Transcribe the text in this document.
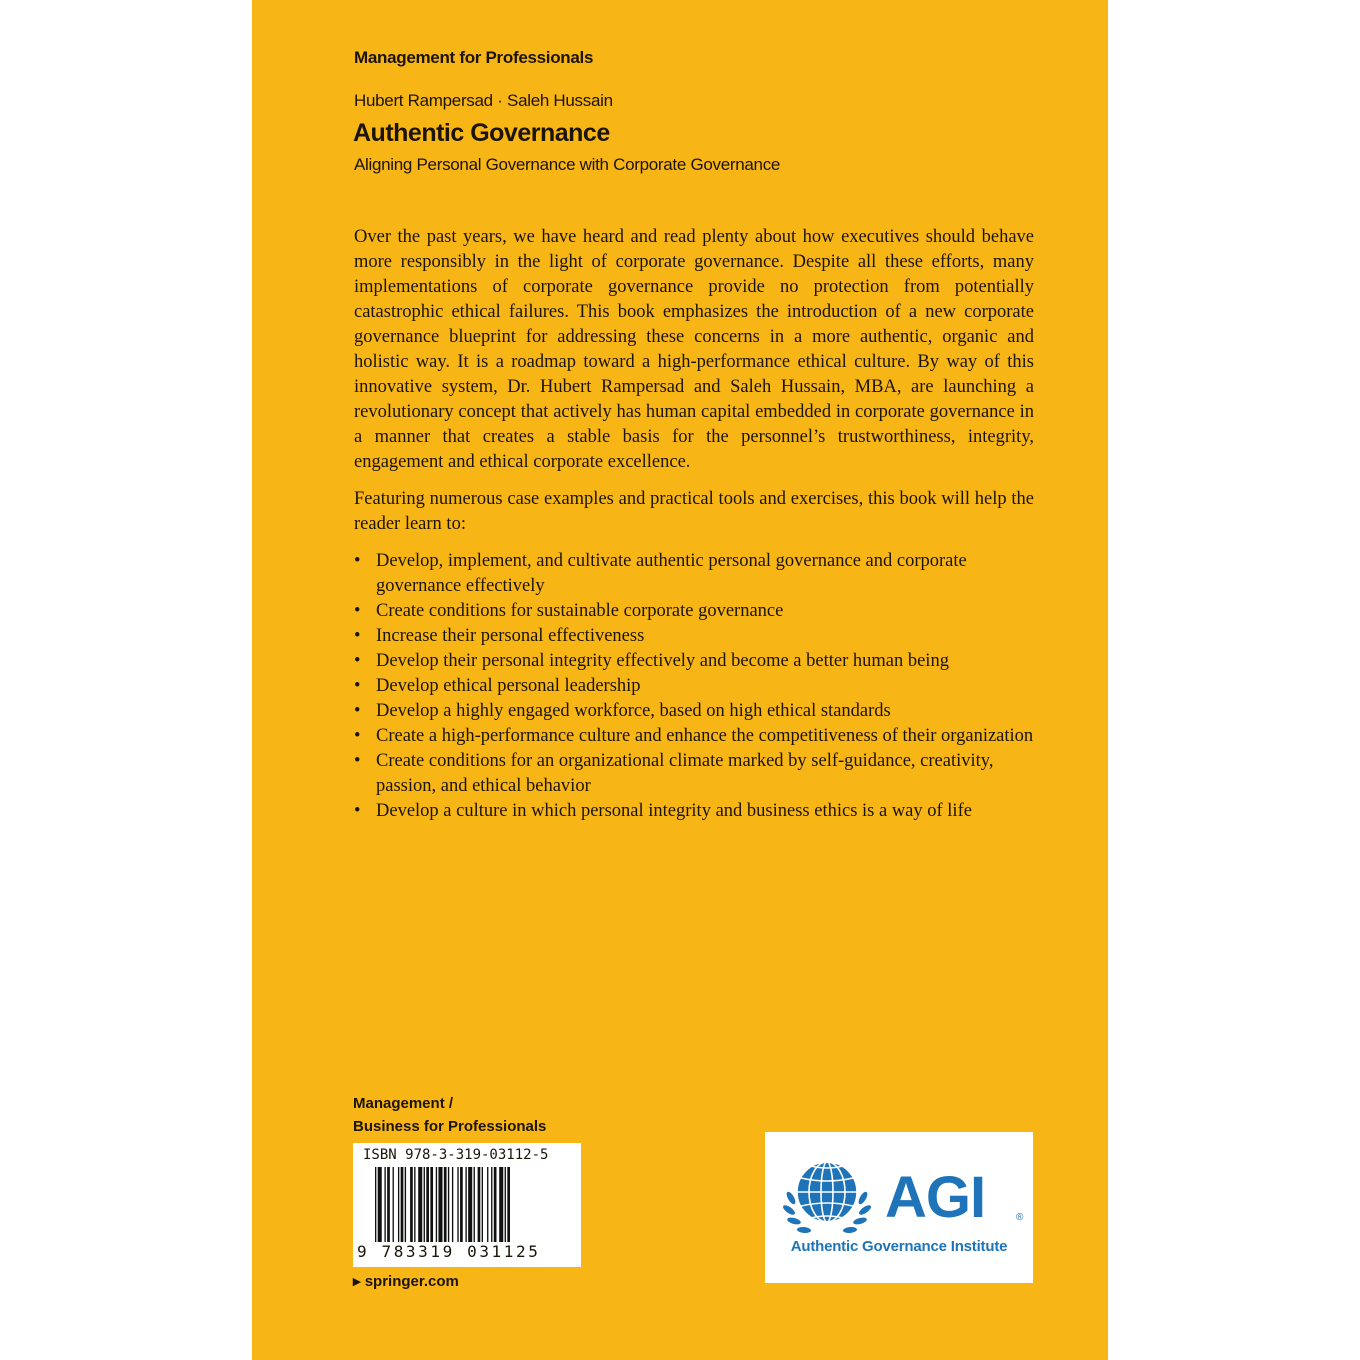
Management for Professionals
Hubert Rampersad · Saleh Hussain
Authentic Governance
Aligning Personal Governance with Corporate Governance

Over the past years, we have heard and read plenty about how executives should behave more responsibly in the light of corporate governance. Despite all these efforts, many implementations of corporate governance provide no protection from potentially catastrophic ethical failures. This book emphasizes the introduction of a new corporate governance blueprint for addressing these concerns in a more authentic, organic and holistic way. It is a roadmap toward a high-performance ethical culture. By way of this innovative system, Dr. Hubert Rampersad and Saleh Hussain, MBA, are launching a revolutionary concept that actively has human capital embedded in corporate governance in a manner that creates a stable basis for the personnel’s trustworthiness, integrity, engagement and ethical corporate excellence.

Featuring numerous case examples and practical tools and exercises, this book will help the reader learn to:

• Develop, implement, and cultivate authentic personal governance and corporate governance effectively
• Create conditions for sustainable corporate governance
• Increase their personal effectiveness
• Develop their personal integrity effectively and become a better human being
• Develop ethical personal leadership
• Develop a highly engaged workforce, based on high ethical standards
• Create a high-performance culture and enhance the competitiveness of their organization
• Create conditions for an organizational climate marked by self-guidance, creativity, passion, and ethical behavior
• Develop a culture in which personal integrity and business ethics is a way of life
Management /
Business for Professionals
ISBN 978-3-319-03112-5
9 783319 031125
▸ springer.com
AGI	®
Authentic Governance Institute
